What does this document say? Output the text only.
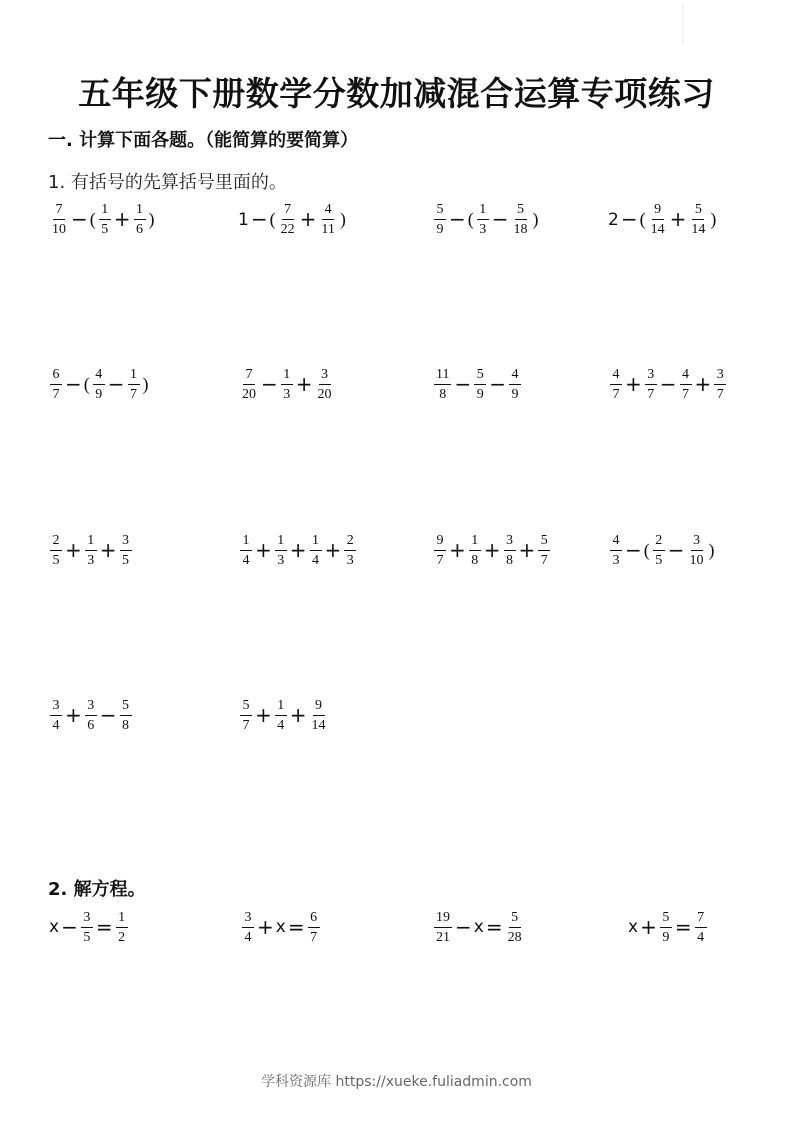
五年级下册数学分数加减混合运算专项练习
一. 计算下面各题。（能简算的要简算）
1. 有括号的先算括号里面的。
$\frac{7}{10}$ − ( $\frac{1}{5} + \frac{1}{6}$ )	1 − ( $\frac{7}{22} + \frac{4}{11}$ )	$\frac{5}{9}$ − ( $\frac{1}{3} - \frac{5}{18}$ )	2 − ( $\frac{9}{14} + \frac{5}{14}$ )
$\frac{6}{7}$ − ( $\frac{4}{9} - \frac{1}{7}$ )	$\frac{7}{20} - \frac{1}{3} + \frac{3}{20}$	$\frac{11}{8} - \frac{5}{9} - \frac{4}{9}$	$\frac{4}{7} + \frac{3}{7} - \frac{4}{7} + \frac{3}{7}$
$\frac{2}{5} + \frac{1}{3} + \frac{3}{5}$	$\frac{1}{4} + \frac{1}{3} + \frac{1}{4} + \frac{2}{3}$	$\frac{9}{7} + \frac{1}{8} + \frac{3}{8} + \frac{5}{7}$	$\frac{4}{3}$ − ( $\frac{2}{5} - \frac{3}{10}$ )
$\frac{3}{4} + \frac{3}{6} - \frac{5}{8}$	$\frac{5}{7} + \frac{1}{4} + \frac{9}{14}$
2. 解方程。
$x - \frac{3}{5} = \frac{1}{2}$	$\frac{3}{4} + x = \frac{6}{7}$	$\frac{19}{21} - x = \frac{5}{28}$	$x + \frac{5}{9} = \frac{7}{4}$
学科资源库 https://xueke.fuliadmin.com
